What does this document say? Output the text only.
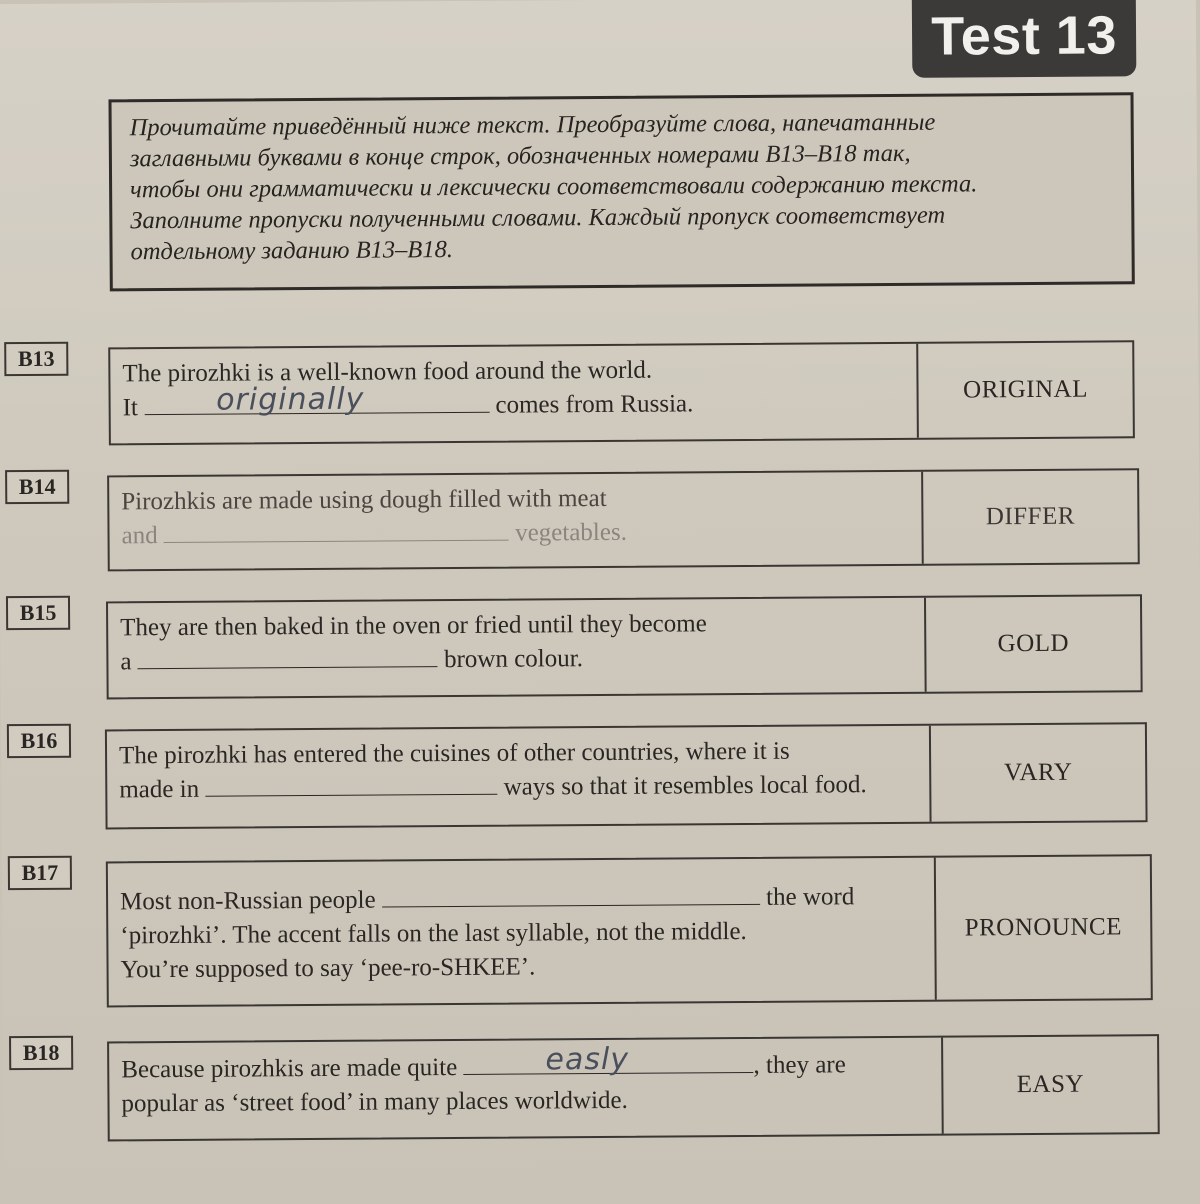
Test 13

Прочитайте приведённый ниже текст. Преобразуйте слова, напечатанные

заглавными буквами в конце строк, обозначенных номерами B13–B18 так,

чтобы они грамматически и лексически соответствовали содержанию текста.

Заполните пропуски полученными словами. Каждый пропуск соответствует

отдельному заданию B13–B18.

B13	The pirozhki is a well-known food around the world.
It	originally	comes from Russia.
ORIGINAL
B14	Pirozhkis are made using dough filled with meat
and	vegetables.
DIFFER
B15	They are then baked in the oven or fried until they become
a	brown colour.
GOLD
B16	The pirozhki has entered the cuisines of other countries, where it is
made in	ways so that it resembles local food.	VARY
B17
Most non-Russian people	the word
‘pirozhki’. The accent falls on the last syllable, not the middle.
You’re supposed to say ‘pee-ro-SHKEE’.
PRONOUNCE
B18
Because pirozhkis are made quite	easly	, they are
popular as ‘street food’ in many places worldwide.
EASY
